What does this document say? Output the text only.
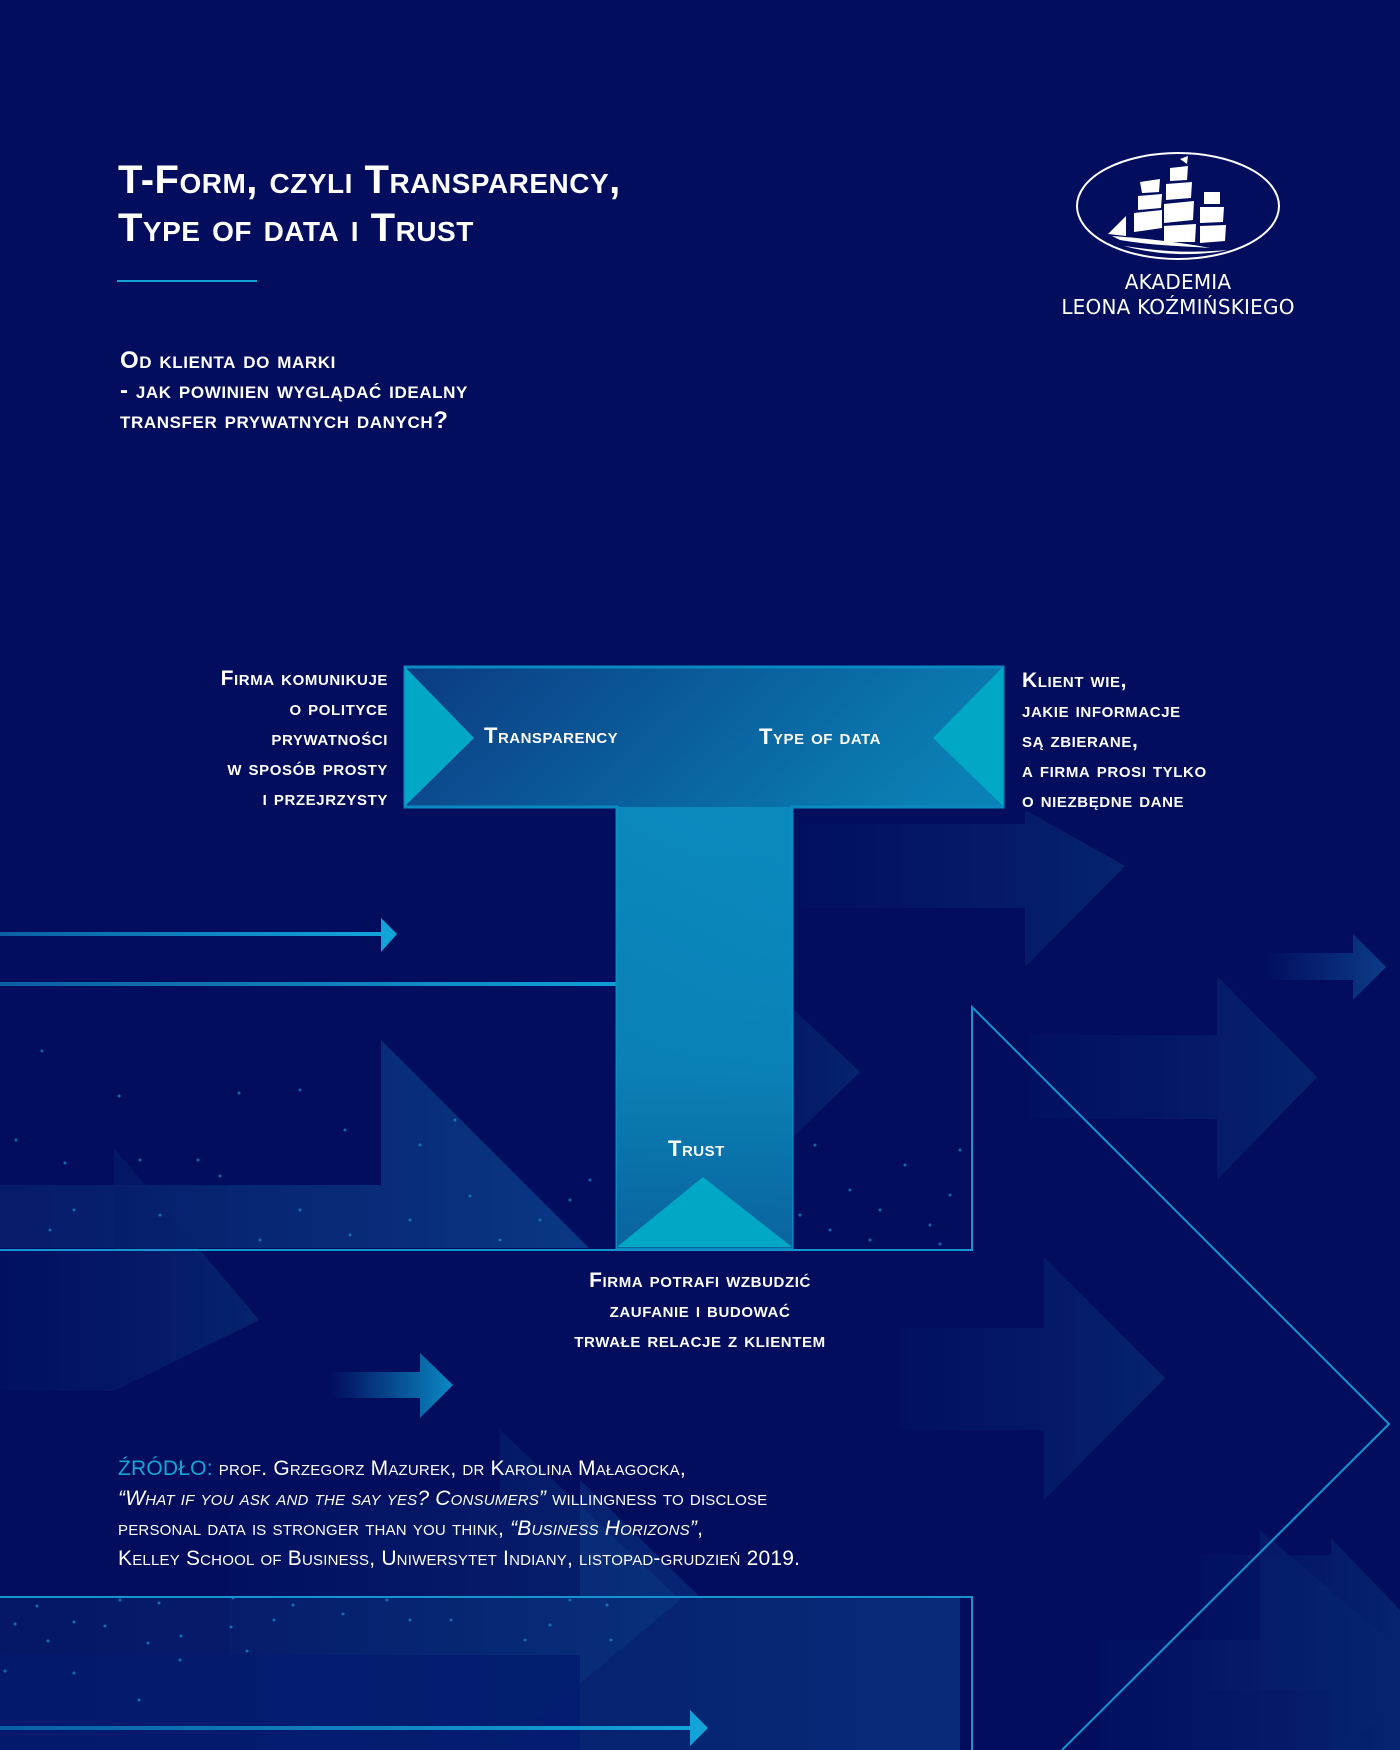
T-Form, czyli Transparency,
Type of data i Trust
Od klienta do marki
- jak powinien wyglądać idealny
transfer prywatnych danych?
AKADEMIA
LEONA KOŹMIŃSKIEGO
Transparency	Type of data
Trust
Firma komunikuje
o polityce
prywatności
w sposób prosty
i przejrzysty
Klient wie,
jakie informacje
są zbierane,
a firma prosi tylko
o niezbędne dane
Firma potrafi wzbudzić
zaufanie i budować
trwałe relacje z klientem
ŹRÓDŁO: prof. Grzegorz Mazurek, dr Karolina Małagocka,
“What if you ask and the say yes? Consumers” willingness to disclose
personal data is stronger than you think, “Business Horizons”,
Kelley School of Business, Uniwersytet Indiany, listopad-grudzień 2019.
